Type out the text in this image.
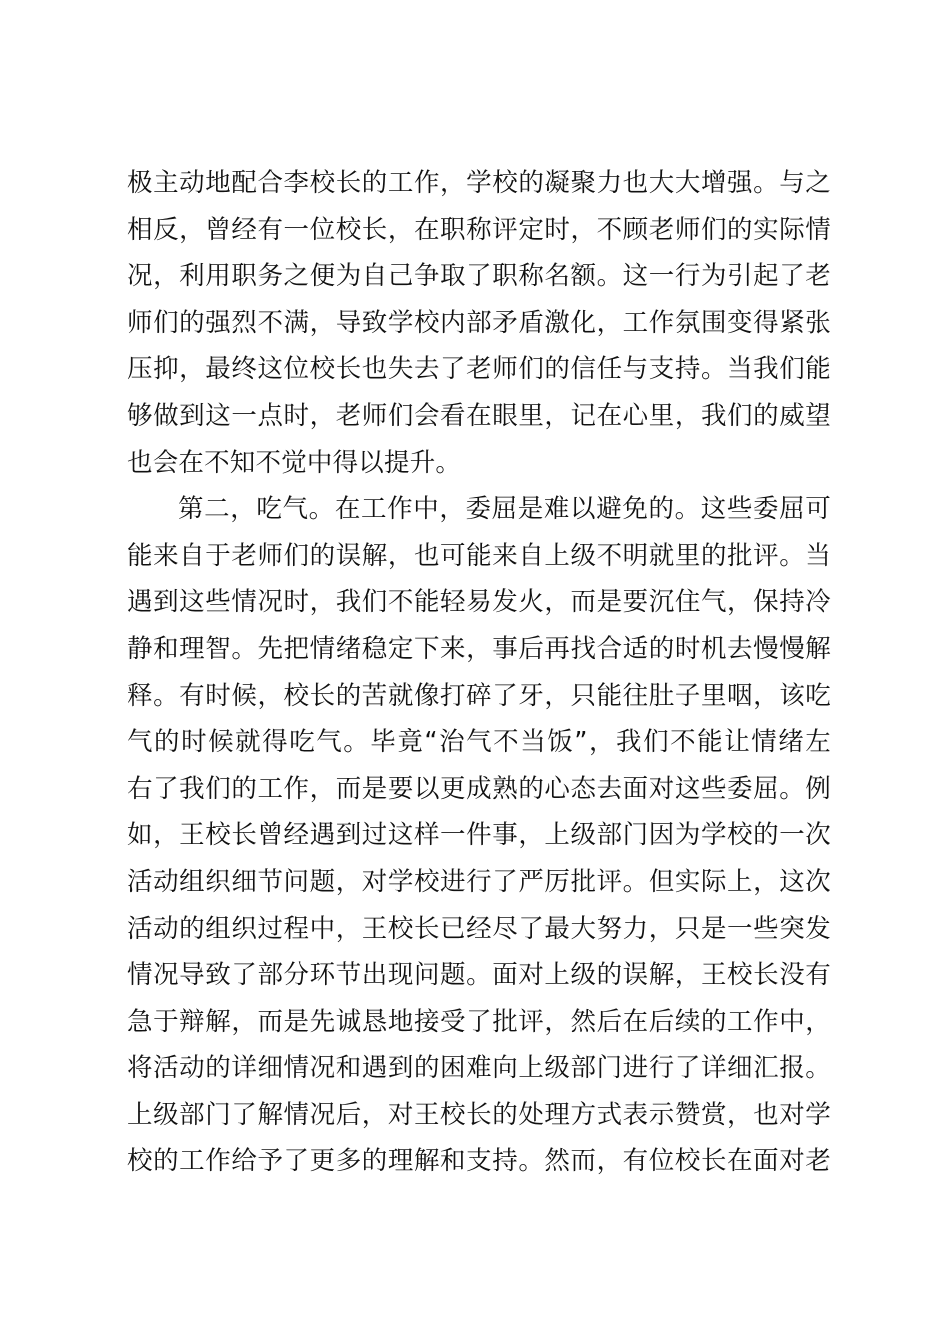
极主动地配合李校长的工作，学校的凝聚力也大大增强。与之
相反，曾经有一位校长，在职称评定时，不顾老师们的实际情
况，利用职务之便为自己争取了职称名额。这一行为引起了老
师们的强烈不满，导致学校内部矛盾激化，工作氛围变得紧张
压抑，最终这位校长也失去了老师们的信任与支持。当我们能
够做到这一点时，老师们会看在眼里，记在心里，我们的威望
也会在不知不觉中得以提升。
第二，吃气。在工作中，委屈是难以避免的。这些委屈可
能来自于老师们的误解，也可能来自上级不明就里的批评。当
遇到这些情况时，我们不能轻易发火，而是要沉住气，保持冷
静和理智。先把情绪稳定下来，事后再找合适的时机去慢慢解
释。有时候，校长的苦就像打碎了牙，只能往肚子里咽，该吃
气的时候就得吃气。毕竟“治气不当饭”，我们不能让情绪左
右了我们的工作，而是要以更成熟的心态去面对这些委屈。例
如，王校长曾经遇到过这样一件事，上级部门因为学校的一次
活动组织细节问题，对学校进行了严厉批评。但实际上，这次
活动的组织过程中，王校长已经尽了最大努力，只是一些突发
情况导致了部分环节出现问题。面对上级的误解，王校长没有
急于辩解，而是先诚恳地接受了批评，然后在后续的工作中，
将活动的详细情况和遇到的困难向上级部门进行了详细汇报。
上级部门了解情况后，对王校长的处理方式表示赞赏，也对学
校的工作给予了更多的理解和支持。然而，有位校长在面对老
